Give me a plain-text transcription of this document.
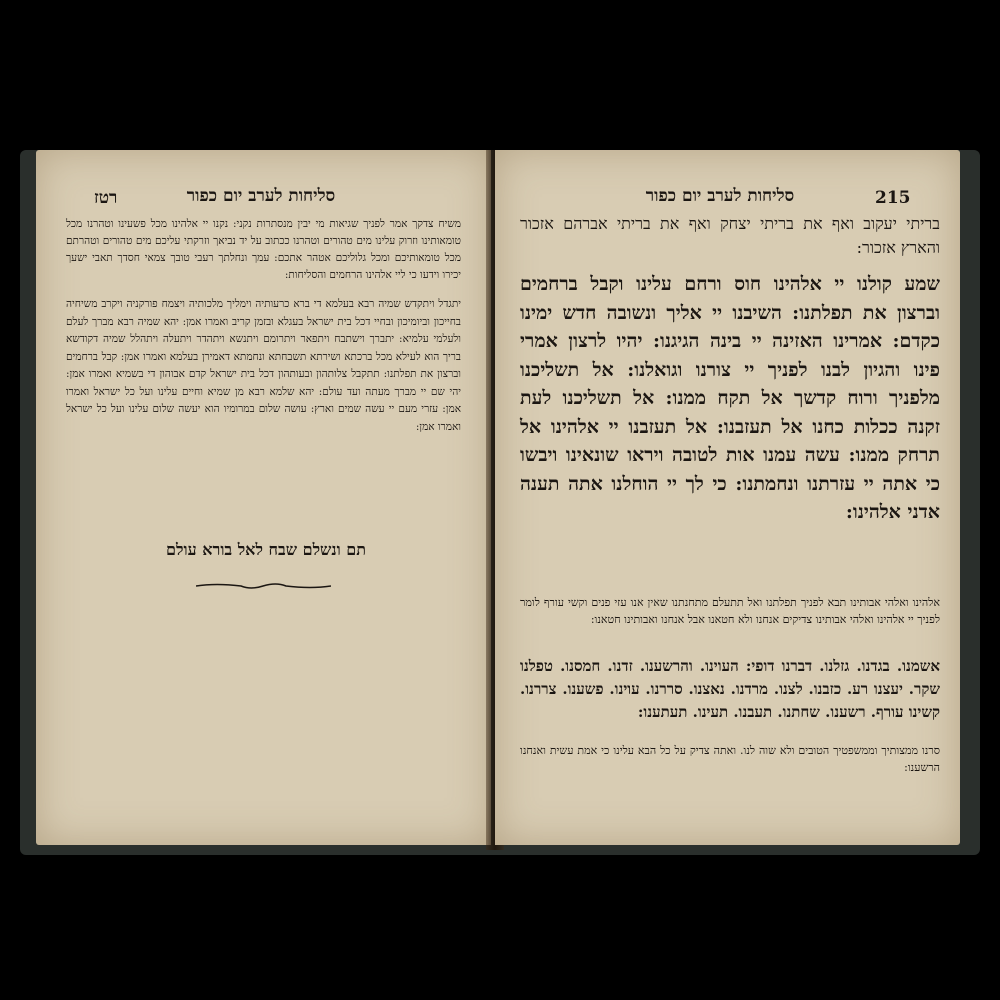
רטז	סליחות לערב יום כפור
משיח צדקך אמר לפניך שגיאות מי יבין מנסתרות נקני: נקנו יי אלהינו מכל פשעינו וטהרנו מכל טומאותינו וזרוק עלינו מים טהורים וטהרנו ככתוב על יד נביאך וזרקתי עליכם מים טהורים וטהרתם מכל טומאותיכם ומכל גלוליכם אטהר אתכם: עמך ונחלתך רעבי טובך צמאי חסדך תאבי ישעך יכירו וידעו כי ליי אלהינו הרחמים והסליחות:
יתגדל ויתקדש שמיה רבא בעלמא די ברא כרעותיה וימליך מלכותיה ויצמח פורקניה ויקרב משיחיה בחייכון וביומיכון ובחיי דכל בית ישראל בעגלא ובזמן קריב ואמרו אמן: יהא שמיה רבא מברך לעלם ולעלמי עלמיא: יתברך וישתבח ויתפאר ויתרומם ויתנשא ויתהדר ויתעלה ויתהלל שמיה דקודשא בריך הוא לעילא מכל ברכתא ושירתא תשבחתא ונחמתא דאמירן בעלמא ואמרו אמן: קבל ברחמים וברצון את תפלתנו: תתקבל צלותהון ובעותהון דכל בית ישראל קדם אבוהון די בשמיא ואמרו אמן: יהי שם יי מברך מעתה ועד עולם: יהא שלמא רבא מן שמיא וחיים עלינו ועל כל ישראל ואמרו אמן: עזרי מעם יי עשה שמים וארץ: עושה שלום במרומיו הוא יעשה שלום עלינו ועל כל ישראל ואמרו אמן:
תם ונשלם שבח לאל בורא עולם
215
סליחות לערב יום כפור
בריתי יעקוב ואף את בריתי יצחק ואף את בריתי אברהם אזכור והארץ אזכור:
שמע קולנו יי אלהינו חוס ורחם עלינו וקבל ברחמים וברצון את תפלתנו: השיבנו יי אליך ונשובה חדש ימינו כקדם: אמרינו האזינה יי בינה הגיגנו: יהיו לרצון אמרי פינו והגיון לבנו לפניך יי צורנו וגואלנו: אל תשליכנו מלפניך ורוח קדשך אל תקח ממנו: אל תשליכנו לעת זקנה ככלות כחנו אל תעזבנו: אל תעזבנו יי אלהינו אל תרחק ממנו: עשה עמנו אות לטובה ויראו שונאינו ויבשו כי אתה יי עזרתנו ונחמתנו: כי לך יי הוחלנו אתה תענה אדני אלהינו:
אלהינו ואלהי אבותינו תבא לפניך תפלתנו ואל תתעלם מתחנתנו שאין אנו עזי פנים וקשי עורף לומר לפניך יי אלהינו ואלהי אבותינו צדיקים אנחנו ולא חטאנו אבל אנחנו ואבותינו חטאנו:
אשמנו. בגדנו. גזלנו. דברנו דופי: העוינו. והרשענו. זדנו. חמסנו. טפלנו שקר. יעצנו רע. כזבנו. לצנו. מרדנו. נאצנו. סררנו. עוינו. פשענו. צררנו. קשינו עורף. רשענו. שחתנו. תעבנו. תעינו. תעתענו:
סרנו ממצותיך וממשפטיך הטובים ולא שוה לנו. ואתה צדיק על כל הבא עלינו כי אמת עשית ואנחנו הרשענו:
